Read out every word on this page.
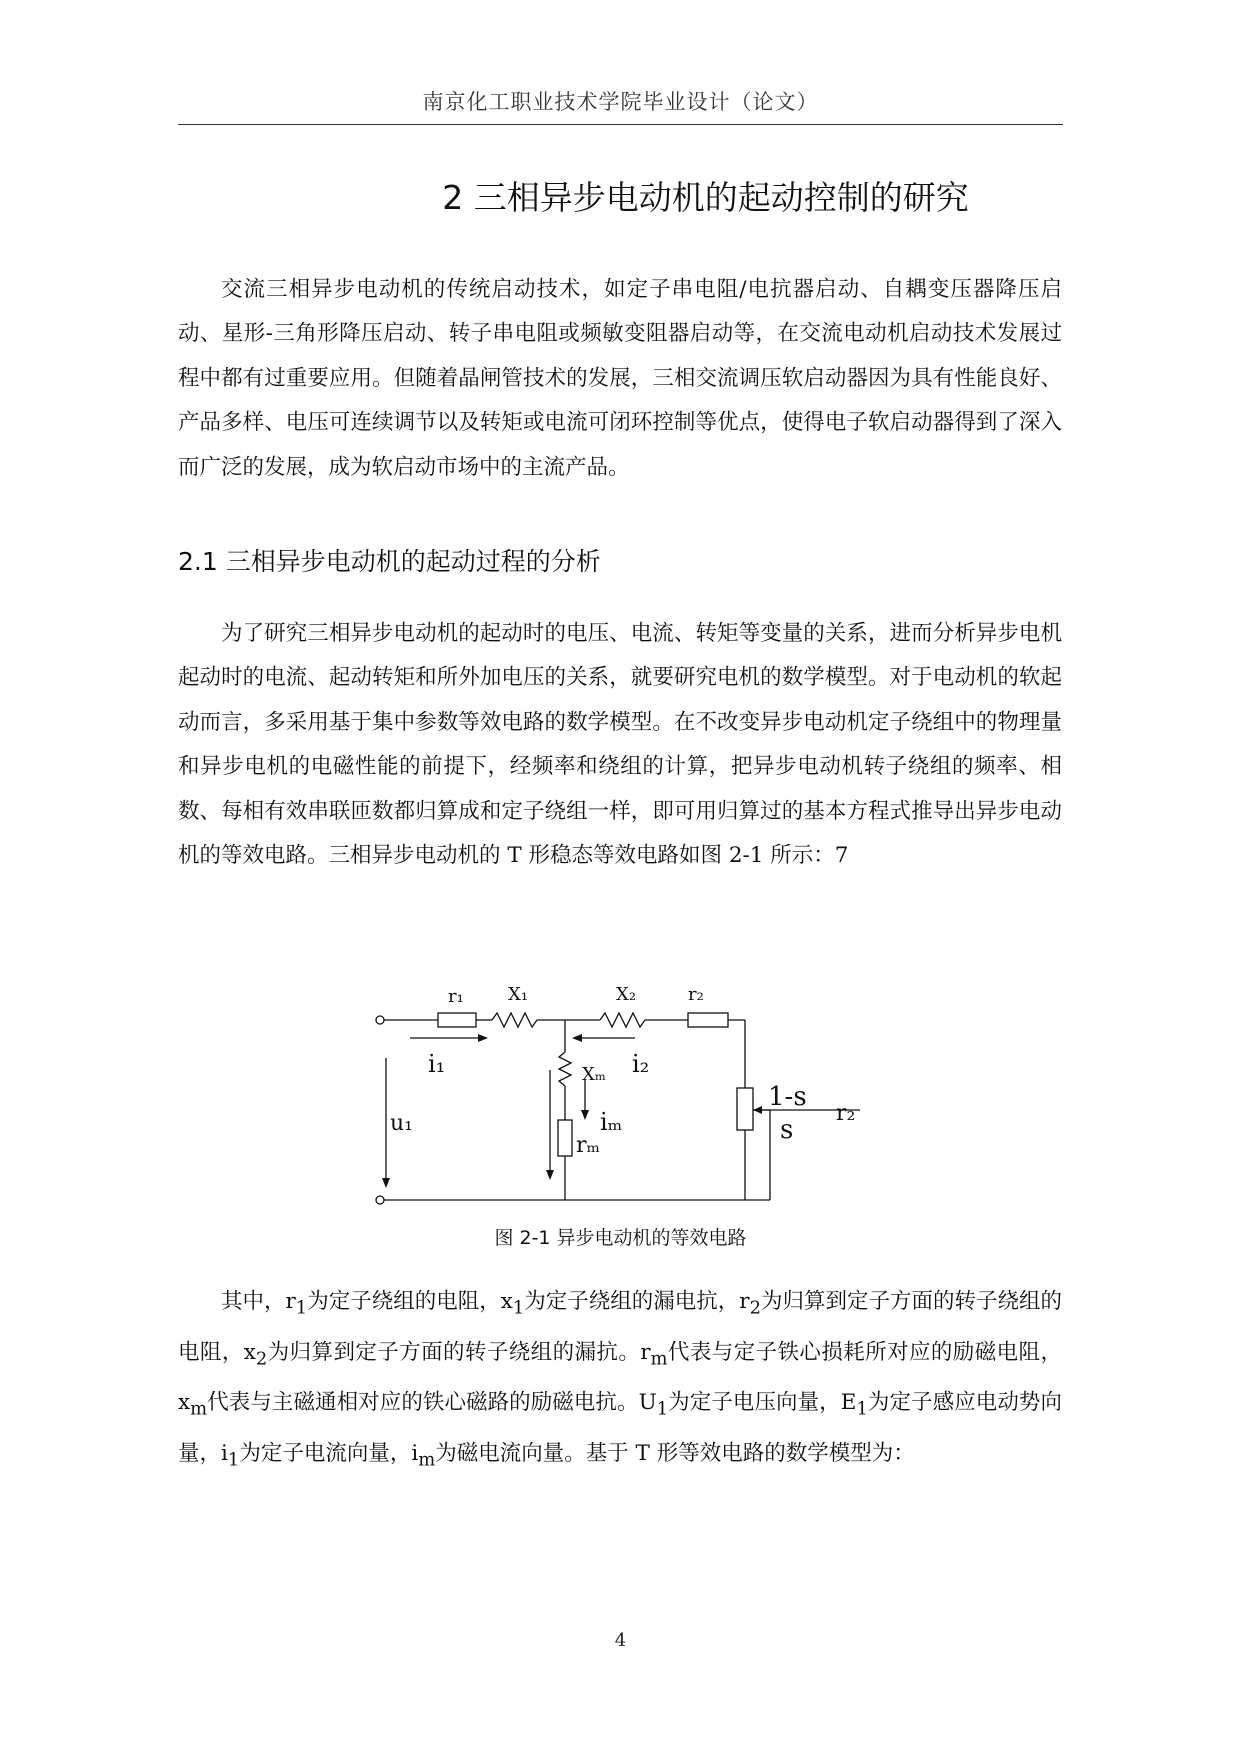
南京化工职业技术学院毕业设计（论文）
2 三相异步电动机的起动控制的研究

交流三相异步电动机的传统启动技术，如定子串电阻/电抗器启动、自耦变压器降压启动、星形-三角形降压启动、转子串电阻或频敏变阻器启动等，在交流电动机启动技术发展过程中都有过重要应用。但随着晶闸管技术的发展，三相交流调压软启动器因为具有性能良好、产品多样、电压可连续调节以及转矩或电流可闭环控制等优点，使得电子软启动器得到了深入而广泛的发展，成为软启动市场中的主流产品。

2.1 三相异步电动机的起动过程的分析

为了研究三相异步电动机的起动时的电压、电流、转矩等变量的关系，进而分析异步电机起动时的电流、起动转矩和所外加电压的关系，就要研究电机的数学模型。对于电动机的软起动而言，多采用基于集中参数等效电路的数学模型。在不改变异步电动机定子绕组中的物理量和异步电机的电磁性能的前提下，经频率和绕组的计算，把异步电动机转子绕组的频率、相数、每相有效串联匝数都归算成和定子绕组一样，即可用归算过的基本方程式推导出异步电动机的等效电路。三相异步电动机的 T 形稳态等效电路如图 2-1 所示：7

r₁ X₁	X₂	r₂
i₁	i₂
Xₘ
iₘ
rₘ
u₁
1-s
s
r₂
图 2-1 异步电动机的等效电路

其中，$r_1$为定子绕组的电阻，$x_1$为定子绕组的漏电抗，$r_2$为归算到定子方面的转子绕组的电阻，$x_2$为归算到定子方面的转子绕组的漏抗。$r_m$代表与定子铁心损耗所对应的励磁电阻，$x_m$代表与主磁通相对应的铁心磁路的励磁电抗。$U_1$为定子电压向量，$E_1$为定子感应电动势向量，$i_1$为定子电流向量，$i_m$为磁电流向量。基于 T 形等效电路的数学模型为：

4
